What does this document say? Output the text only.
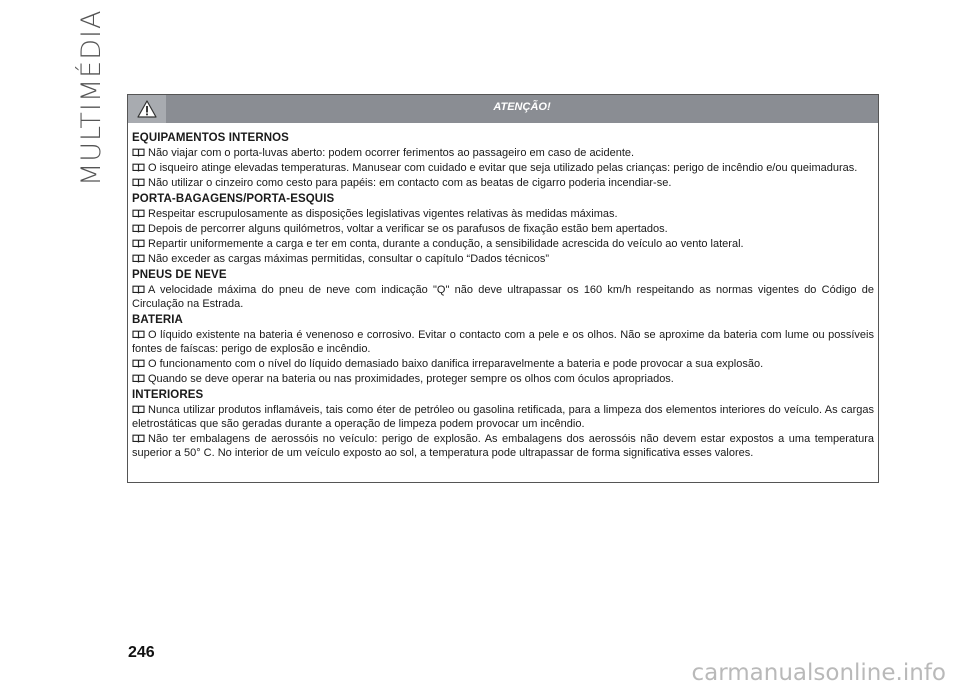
MULTIMÉDIA	ATENÇÃO!
EQUIPAMENTOS INTERNOS
Não viajar com o porta-luvas aberto: podem ocorrer ferimentos ao passageiro em caso de acidente.
O isqueiro atinge elevadas temperaturas. Manusear com cuidado e evitar que seja utilizado pelas crianças: perigo de incêndio e/ou queimaduras.
Não utilizar o cinzeiro como cesto para papéis: em contacto com as beatas de cigarro poderia incendiar-se.
PORTA-BAGAGENS/PORTA-ESQUIS
Respeitar escrupulosamente as disposições legislativas vigentes relativas às medidas máximas.
Depois de percorrer alguns quilómetros, voltar a verificar se os parafusos de fixação estão bem apertados.
Repartir uniformemente a carga e ter em conta, durante a condução, a sensibilidade acrescida do veículo ao vento lateral.
Não exceder as cargas máximas permitidas, consultar o capítulo “Dados técnicos”
PNEUS DE NEVE
A velocidade máxima do pneu de neve com indicação "Q" não deve ultrapassar os 160 km/h respeitando as normas vigentes do Código de Circulação na Estrada.
BATERIA
O líquido existente na bateria é venenoso e corrosivo. Evitar o contacto com a pele e os olhos. Não se aproxime da bateria com lume ou possíveis fontes de faíscas: perigo de explosão e incêndio.
O funcionamento com o nível do líquido demasiado baixo danifica irreparavelmente a bateria e pode provocar a sua explosão.
Quando se deve operar na bateria ou nas proximidades, proteger sempre os olhos com óculos apropriados.
INTERIORES
Nunca utilizar produtos inflamáveis, tais como éter de petróleo ou gasolina retificada, para a limpeza dos elementos interiores do veículo. As cargas eletrostáticas que são geradas durante a operação de limpeza podem provocar um incêndio.
Não ter embalagens de aerossóis no veículo: perigo de explosão. As embalagens dos aerossóis não devem estar expostos a uma temperatura superior a 50° C. No interior de um veículo exposto ao sol, a temperatura pode ultrapassar de forma significativa esses valores.
246
carmanualsonline.info
